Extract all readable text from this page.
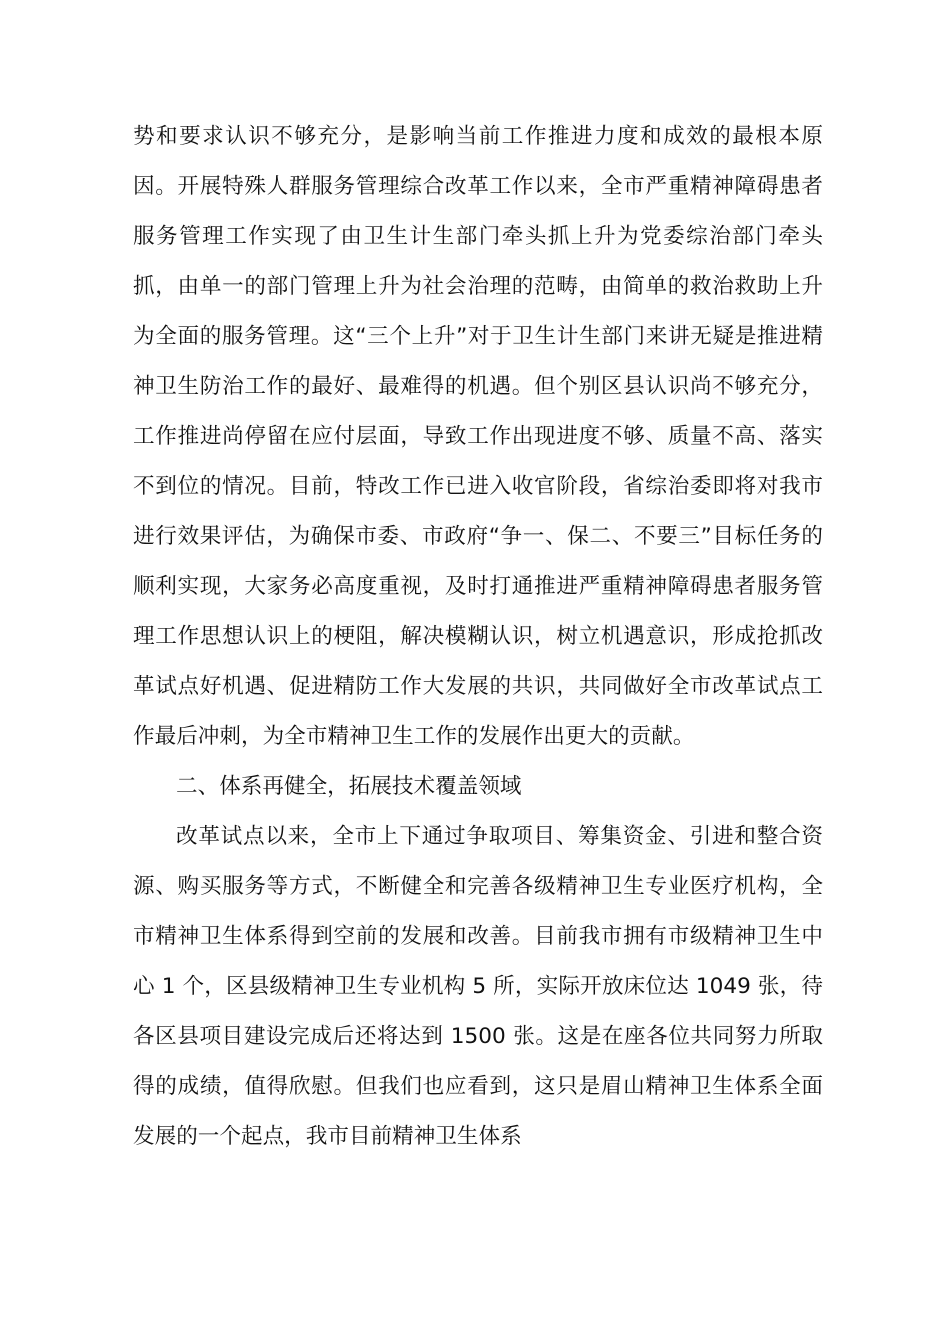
势和要求认识不够充分，是影响当前工作推进力度和成效的最根本原因。开展特殊人群服务管理综合改革工作以来，全市严重精神障碍患者服务管理工作实现了由卫生计生部门牵头抓上升为党委综治部门牵头抓，由单一的部门管理上升为社会治理的范畴，由简单的救治救助上升为全面的服务管理。这“三个上升”对于卫生计生部门来讲无疑是推进精神卫生防治工作的最好、最难得的机遇。但个别区县认识尚不够充分，工作推进尚停留在应付层面，导致工作出现进度不够、质量不高、落实不到位的情况。目前，特改工作已进入收官阶段，省综治委即将对我市进行效果评估，为确保市委、市政府“争一、保二、不要三”目标任务的顺利实现，大家务必高度重视，及时打通推进严重精神障碍患者服务管理工作思想认识上的梗阻，解决模糊认识，树立机遇意识，形成抢抓改革试点好机遇、促进精防工作大发展的共识，共同做好全市改革试点工作最后冲刺，为全市精神卫生工作的发展作出更大的贡献。

二、体系再健全，拓展技术覆盖领域

改革试点以来，全市上下通过争取项目、筹集资金、引进和整合资源、购买服务等方式，不断健全和完善各级精神卫生专业医疗机构，全市精神卫生体系得到空前的发展和改善。目前我市拥有市级精神卫生中心 1 个，区县级精神卫生专业机构 5 所，实际开放床位达 1049 张，待各区县项目建设完成后还将达到 1500 张。这是在座各位共同努力所取得的成绩，值得欣慰。但我们也应看到，这只是眉山精神卫生体系全面发展的一个起点，我市目前精神卫生体系
